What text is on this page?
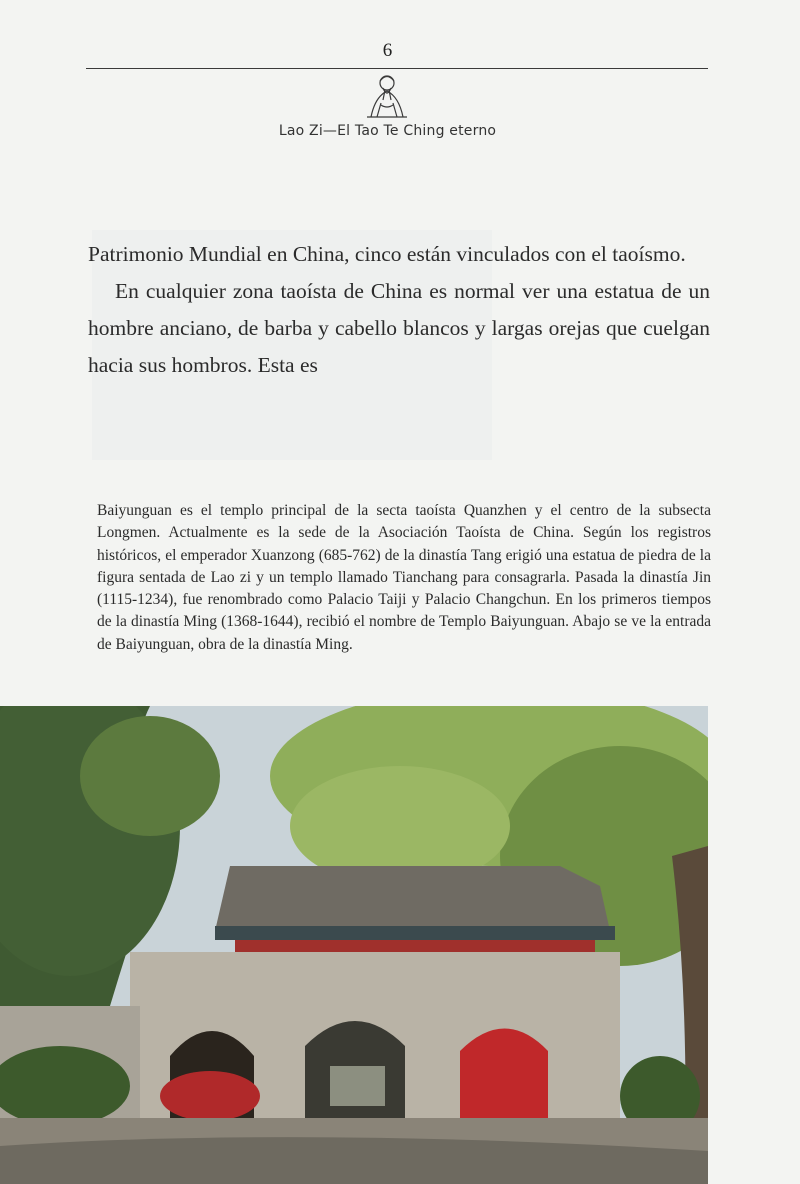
6
Lao Zi—El Tao Te Ching eterno

Patrimonio Mundial en China, cinco están vinculados con el taoísmo.

En cualquier zona taoísta de China es normal ver una estatua de un hombre anciano, de barba y cabello blancos y largas orejas que cuelgan hacia sus hombros. Esta es

Baiyunguan es el templo principal de la secta taoísta Quanzhen y el centro de la subsecta Longmen. Actualmente es la sede de la Asociación Taoísta de China. Según los registros históricos, el emperador Xuanzong (685-762) de la dinastía Tang erigió una estatua de piedra de la figura sentada de Lao zi y un templo llamado Tianchang para consagrarla. Pasada la dinastía Jin (1115-1234), fue renombrado como Palacio Taiji y Palacio Changchun. En los primeros tiempos de la dinastía Ming (1368-1644), recibió el nombre de Templo Baiyunguan. Abajo se ve la entrada de Baiyunguan, obra de la dinastía Ming.
